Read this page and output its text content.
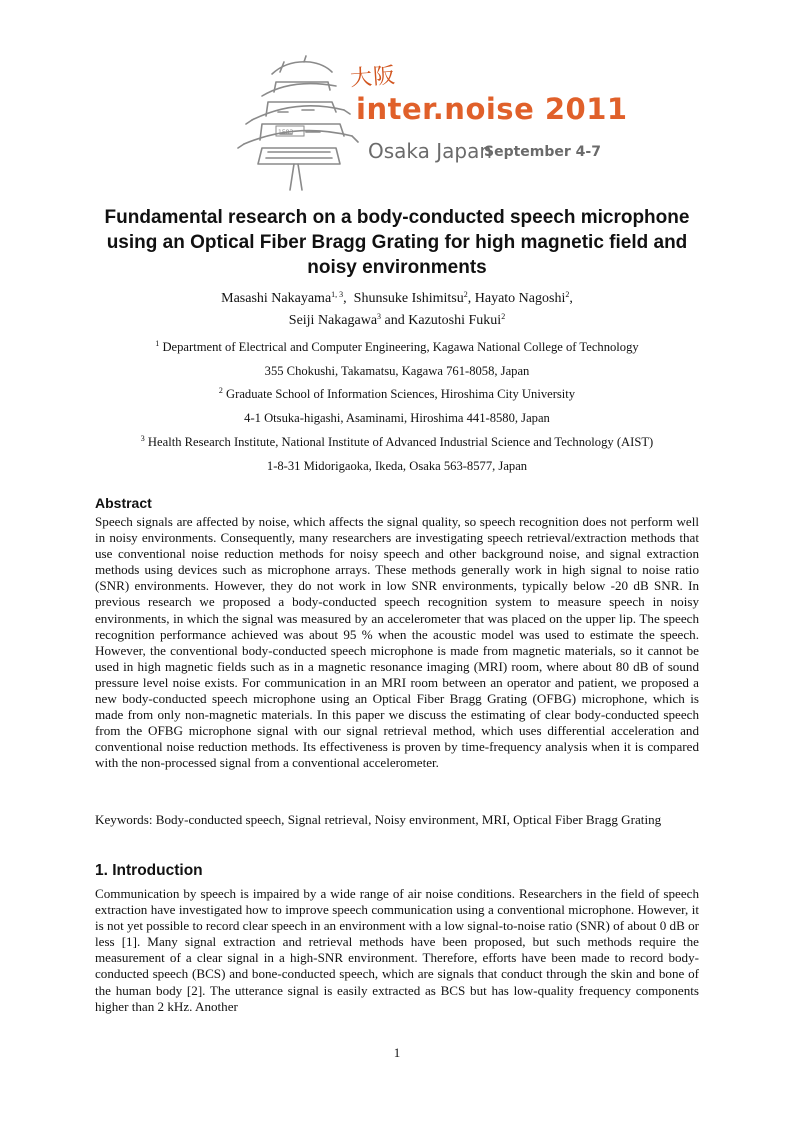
1583
大阪
inter.noise 2011
Osaka Japan
September 4-7
Fundamental research on a body-conducted speech microphone using an Optical Fiber Bragg Grating for high magnetic field and noisy environments
Masashi Nakayama$^{1, 3}$,  Shunsuke Ishimitsu$^2$, Hayato Nagoshi$^2$,
Seiji Nakagawa$^3$ and Kazutoshi Fukui$^2$
$^1$ Department of Electrical and Computer Engineering, Kagawa National College of Technology
355 Chokushi, Takamatsu, Kagawa 761-8058, Japan
$^2$ Graduate School of Information Sciences, Hiroshima City University
4-1 Otsuka-higashi, Asaminami, Hiroshima 441-8580, Japan
$^3$ Health Research Institute, National Institute of Advanced Industrial Science and Technology (AIST)
1-8-31 Midorigaoka, Ikeda, Osaka 563-8577, Japan
Abstract
Speech signals are affected by noise, which affects the signal quality, so speech recognition does not perform well in noisy environments. Consequently, many researchers are investigating speech retrieval/extraction methods that use conventional noise reduction methods for noisy speech and other background noise, and signal extraction methods using devices such as microphone arrays. These methods generally work in high signal to noise ratio (SNR) environments. However, they do not work in low SNR environments, typically below -20 dB SNR. In previous research we proposed a body-conducted speech recognition system to measure speech in noisy environments, in which the signal was measured by an accelerometer that was placed on the upper lip. The speech recognition performance achieved was about 95 % when the acoustic model was used to estimate the speech. However, the conventional body-conducted speech microphone is made from magnetic materials, so it cannot be used in high magnetic fields such as in a magnetic resonance imaging (MRI) room, where about 80 dB of sound pressure level noise exists. For communication in an MRI room between an operator and patient, we proposed a new body-conducted speech microphone using an Optical Fiber Bragg Grating (OFBG) microphone, which is made from only non-magnetic materials. In this paper we discuss the estimating of clear body-conducted speech from the OFBG microphone signal with our signal retrieval method, which uses differential acceleration and conventional noise reduction methods. Its effectiveness is proven by time-frequency analysis when it is compared with the non-processed signal from a conventional accelerometer.
Keywords: Body-conducted speech, Signal retrieval, Noisy environment, MRI, Optical Fiber Bragg Grating
1. Introduction
Communication by speech is impaired by a wide range of air noise conditions. Researchers in the field of speech extraction have investigated how to improve speech communication using a conventional microphone. However, it is not yet possible to record clear speech in an environment with a low signal-to-noise ratio (SNR) of about 0 dB or less [1]. Many signal extraction and retrieval methods have been proposed, but such methods require the measurement of a clear signal in a high-SNR environment. Therefore, efforts have been made to record body-conducted speech (BCS) and bone-conducted speech, which are signals that conduct through the skin and bone of the human body [2]. The utterance signal is easily extracted as BCS but has low-quality frequency components higher than 2 kHz. Another
1
